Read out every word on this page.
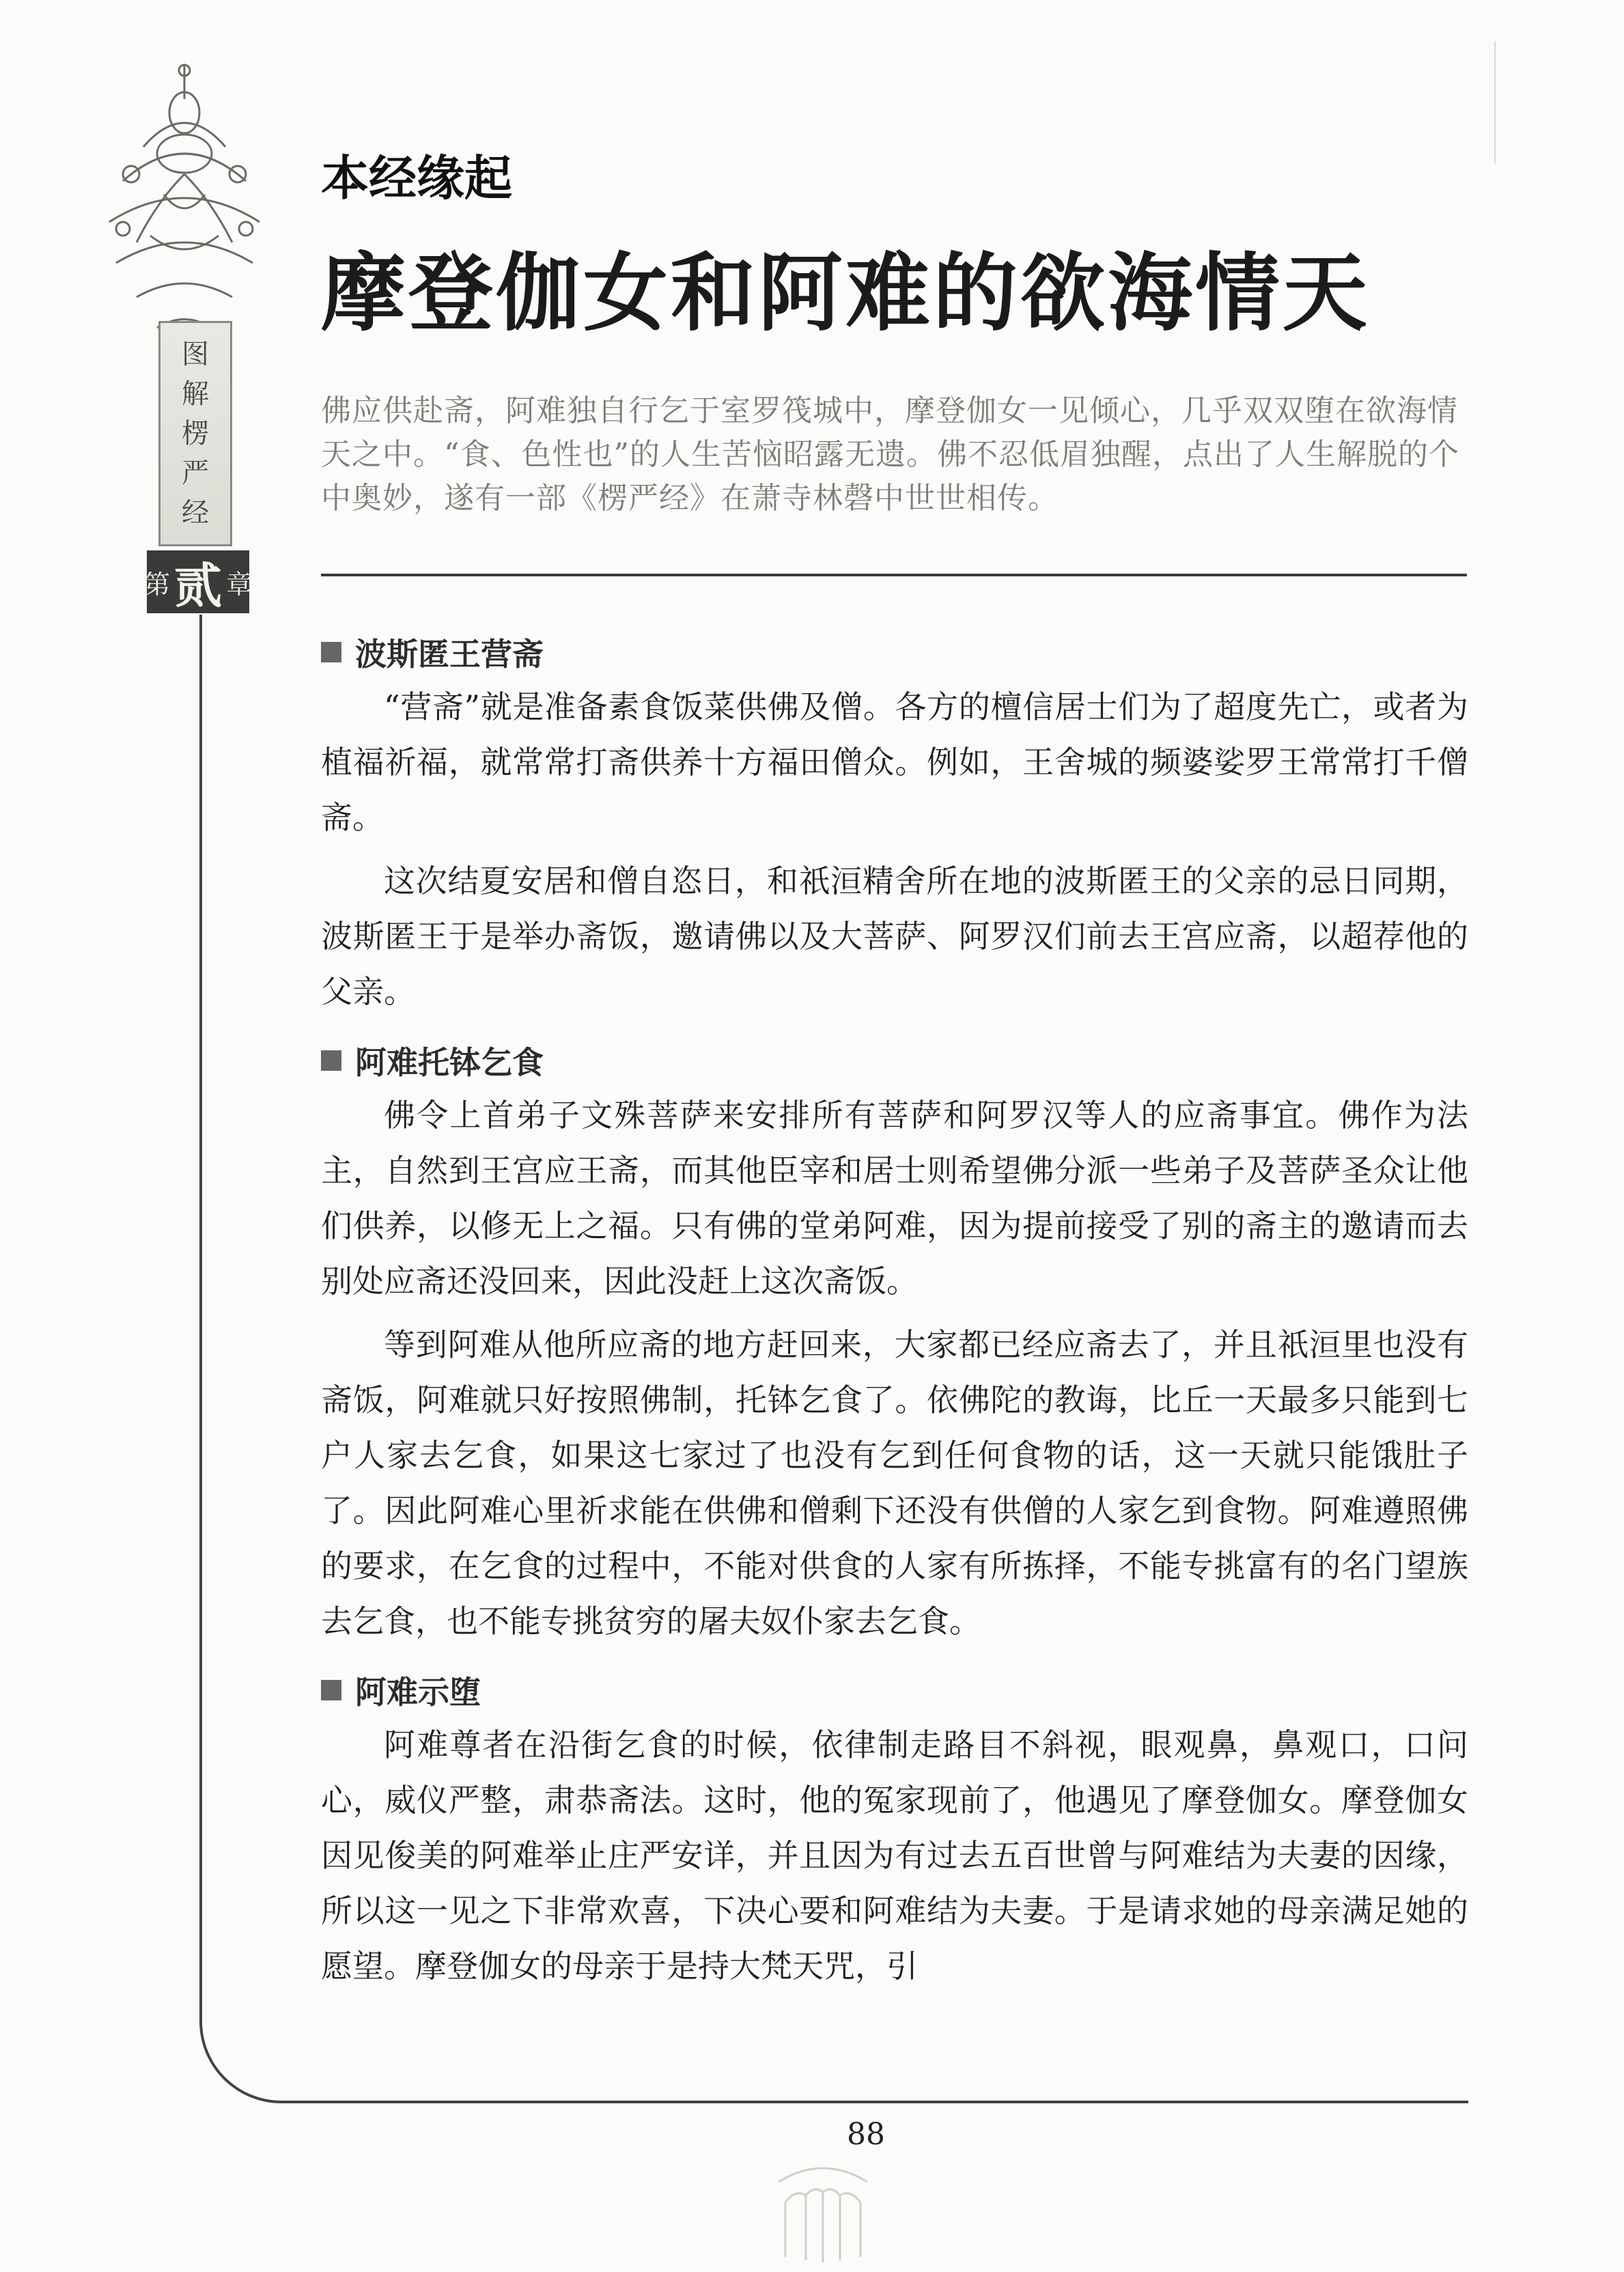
图
解
楞
严
经
第 贰 章
本经缘起
摩登伽女和阿难的欲海情天
佛应供赴斋，阿难独自行乞于室罗筏城中，摩登伽女一见倾心，几乎双双堕在欲海情天之中。“食、色性也”的人生苦恼昭露无遗。佛不忍低眉独醒，点出了人生解脱的个中奥妙，遂有一部《楞严经》在萧寺林磬中世世相传。
波斯匿王营斋

“营斋”就是准备素食饭菜供佛及僧。各方的檀信居士们为了超度先亡，或者为植福祈福，就常常打斋供养十方福田僧众。例如，王舍城的频婆娑罗王常常打千僧斋。

这次结夏安居和僧自恣日，和祇洹精舍所在地的波斯匿王的父亲的忌日同期，波斯匿王于是举办斋饭，邀请佛以及大菩萨、阿罗汉们前去王宫应斋，以超荐他的父亲。

阿难托钵乞食

佛令上首弟子文殊菩萨来安排所有菩萨和阿罗汉等人的应斋事宜。佛作为法主，自然到王宫应王斋，而其他臣宰和居士则希望佛分派一些弟子及菩萨圣众让他们供养，以修无上之福。只有佛的堂弟阿难，因为提前接受了别的斋主的邀请而去别处应斋还没回来，因此没赶上这次斋饭。

等到阿难从他所应斋的地方赶回来，大家都已经应斋去了，并且祇洹里也没有斋饭，阿难就只好按照佛制，托钵乞食了。依佛陀的教诲，比丘一天最多只能到七户人家去乞食，如果这七家过了也没有乞到任何食物的话，这一天就只能饿肚子了。因此阿难心里祈求能在供佛和僧剩下还没有供僧的人家乞到食物。阿难遵照佛的要求，在乞食的过程中，不能对供食的人家有所拣择，不能专挑富有的名门望族去乞食，也不能专挑贫穷的屠夫奴仆家去乞食。

阿难示堕

阿难尊者在沿街乞食的时候，依律制走路目不斜视，眼观鼻，鼻观口，口问心，威仪严整，肃恭斋法。这时，他的冤家现前了，他遇见了摩登伽女。摩登伽女因见俊美的阿难举止庄严安详，并且因为有过去五百世曾与阿难结为夫妻的因缘，所以这一见之下非常欢喜，下决心要和阿难结为夫妻。于是请求她的母亲满足她的愿望。摩登伽女的母亲于是持大梵天咒，引

88
